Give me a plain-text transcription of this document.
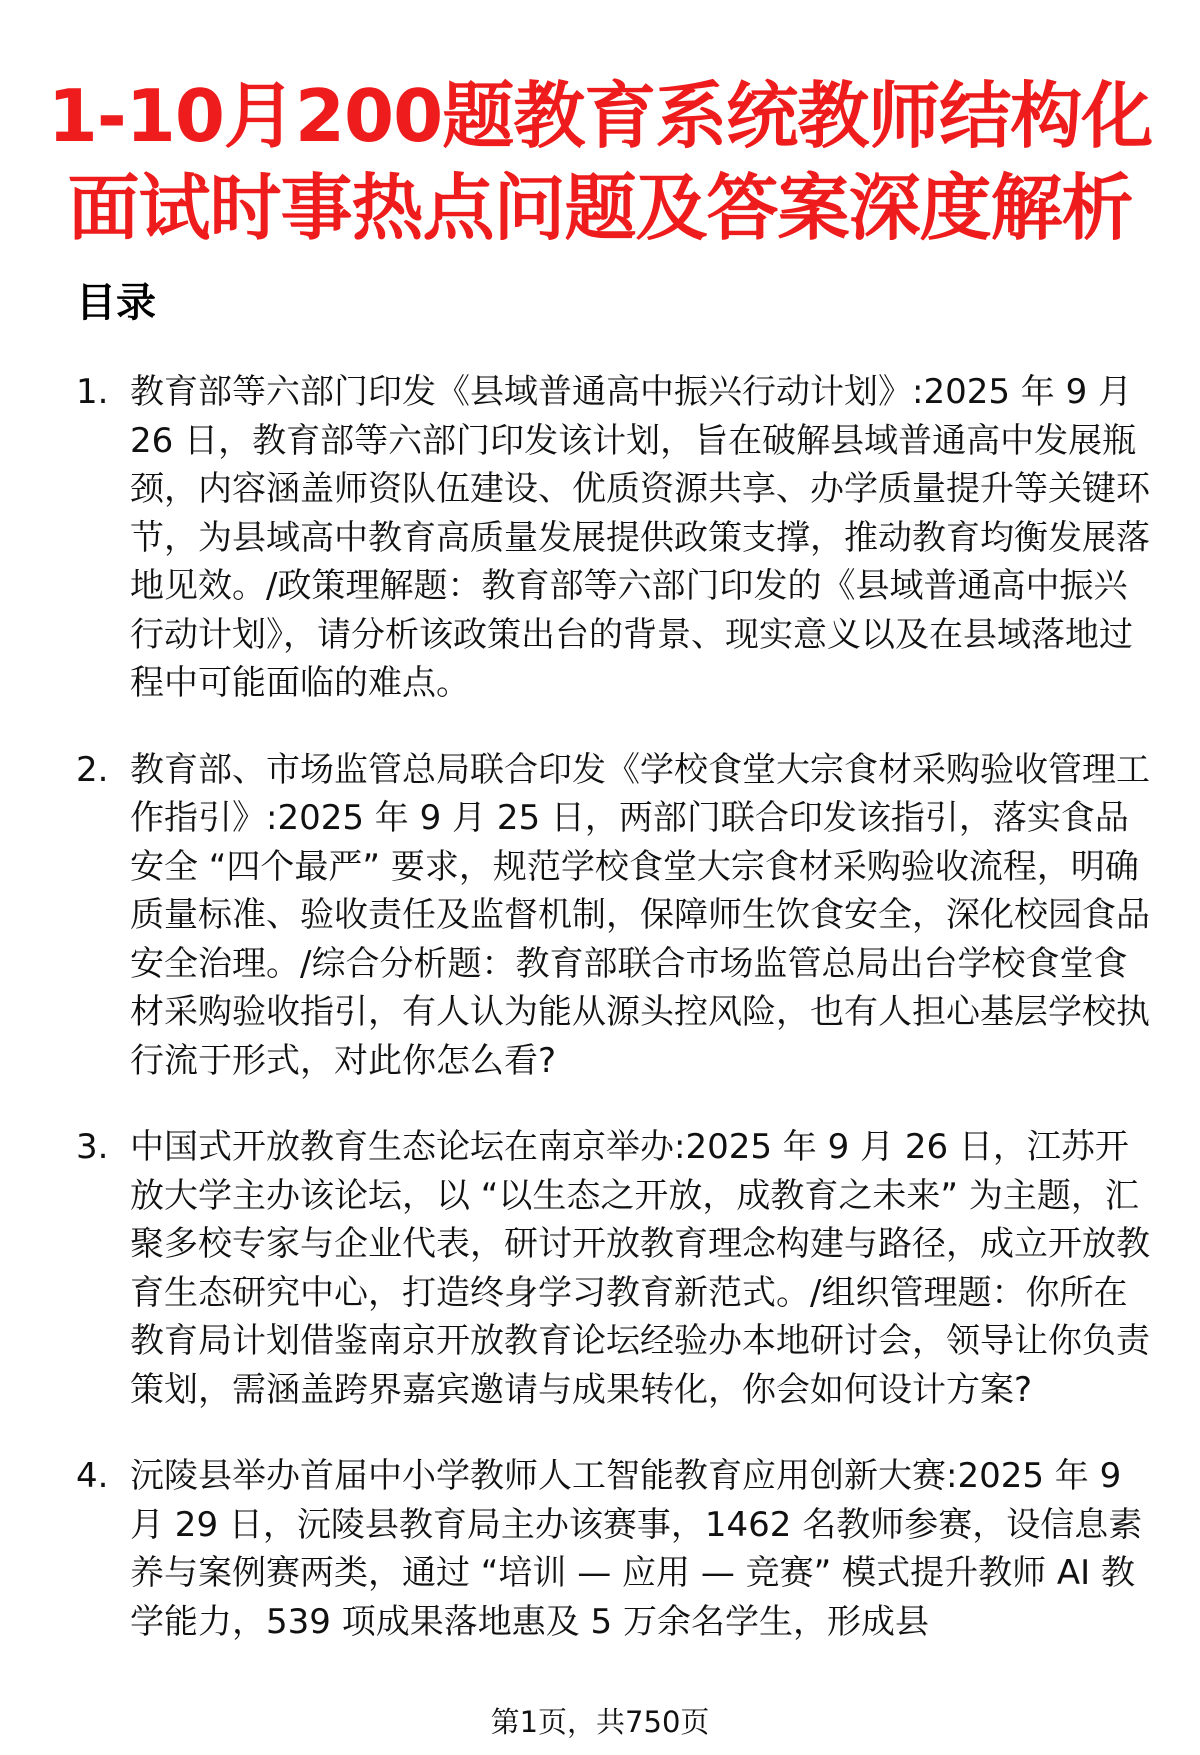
1-10月200题教育系统教师结构化
面试时事热点问题及答案深度解析
目录
1. 教育部等六部门印发《县域普通高中振兴行动计划》:2025 年 9 月 26 日，教育部等六部门印发该计划，旨在破解县域普通高中发展瓶颈，内容涵盖师资队伍建设、优质资源共享、办学质量提升等关键环节，为县域高中教育高质量发展提供政策支撑，推动教育均衡发展落地见效。/政策理解题：教育部等六部门印发的《县域普通高中振兴行动计划》，请分析该政策出台的背景、现实意义以及在县域落地过程中可能面临的难点。
2. 教育部、市场监管总局联合印发《学校食堂大宗食材采购验收管理工作指引》:2025 年 9 月 25 日，两部门联合印发该指引，落实食品安全 “四个最严” 要求，规范学校食堂大宗食材采购验收流程，明确质量标准、验收责任及监督机制，保障师生饮食安全，深化校园食品安全治理。/综合分析题：教育部联合市场监管总局出台学校食堂食材采购验收指引，有人认为能从源头控风险，也有人担心基层学校执行流于形式，对此你怎么看?
3. 中国式开放教育生态论坛在南京举办:2025 年 9 月 26 日，江苏开放大学主办该论坛，以 “以生态之开放，成教育之未来” 为主题，汇聚多校专家与企业代表，研讨开放教育理念构建与路径，成立开放教育生态研究中心，打造终身学习教育新范式。/组织管理题：你所在教育局计划借鉴南京开放教育论坛经验办本地研讨会，领导让你负责策划，需涵盖跨界嘉宾邀请与成果转化，你会如何设计方案?
4. 沅陵县举办首届中小学教师人工智能教育应用创新大赛:2025 年 9 月 29 日，沅陵县教育局主办该赛事，1462 名教师参赛，设信息素养与案例赛两类，通过 “培训 — 应用 — 竞赛” 模式提升教师 AI 教学能力，539 项成果落地惠及 5 万余名学生，形成县
第1页，共750页
